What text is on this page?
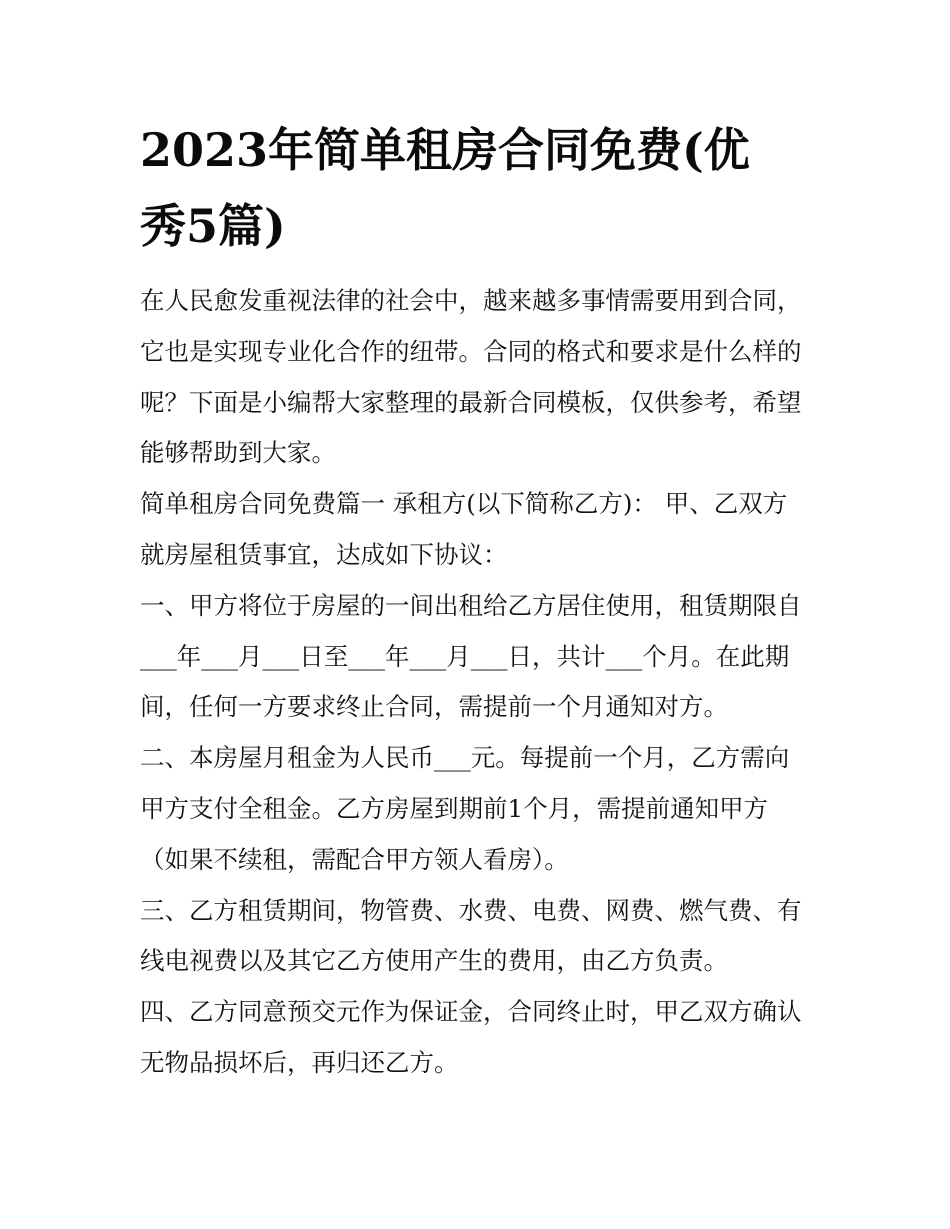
2023年简单租房合同免费(优
秀5篇)
在人民愈发重视法律的社会中，越来越多事情需要用到合同，
它也是实现专业化合作的纽带。合同的格式和要求是什么样的
呢？下面是小编帮大家整理的最新合同模板，仅供参考，希望
能够帮助到大家。
简单租房合同免费篇一 承租方(以下简称乙方)： 甲、乙双方
就房屋租赁事宜，达成如下协议：
一、甲方将位于房屋的一间出租给乙方居住使用，租赁期限自
___年___月___日至___年___月___日，共计___个月。在此期
间，任何一方要求终止合同，需提前一个月通知对方。
二、本房屋月租金为人民币___元。每提前一个月，乙方需向
甲方支付全租金。乙方房屋到期前1个月，需提前通知甲方
（如果不续租，需配合甲方领人看房）。
三、乙方租赁期间，物管费、水费、电费、网费、燃气费、有
线电视费以及其它乙方使用产生的费用，由乙方负责。
四、乙方同意预交元作为保证金，合同终止时，甲乙双方确认
无物品损坏后，再归还乙方。
